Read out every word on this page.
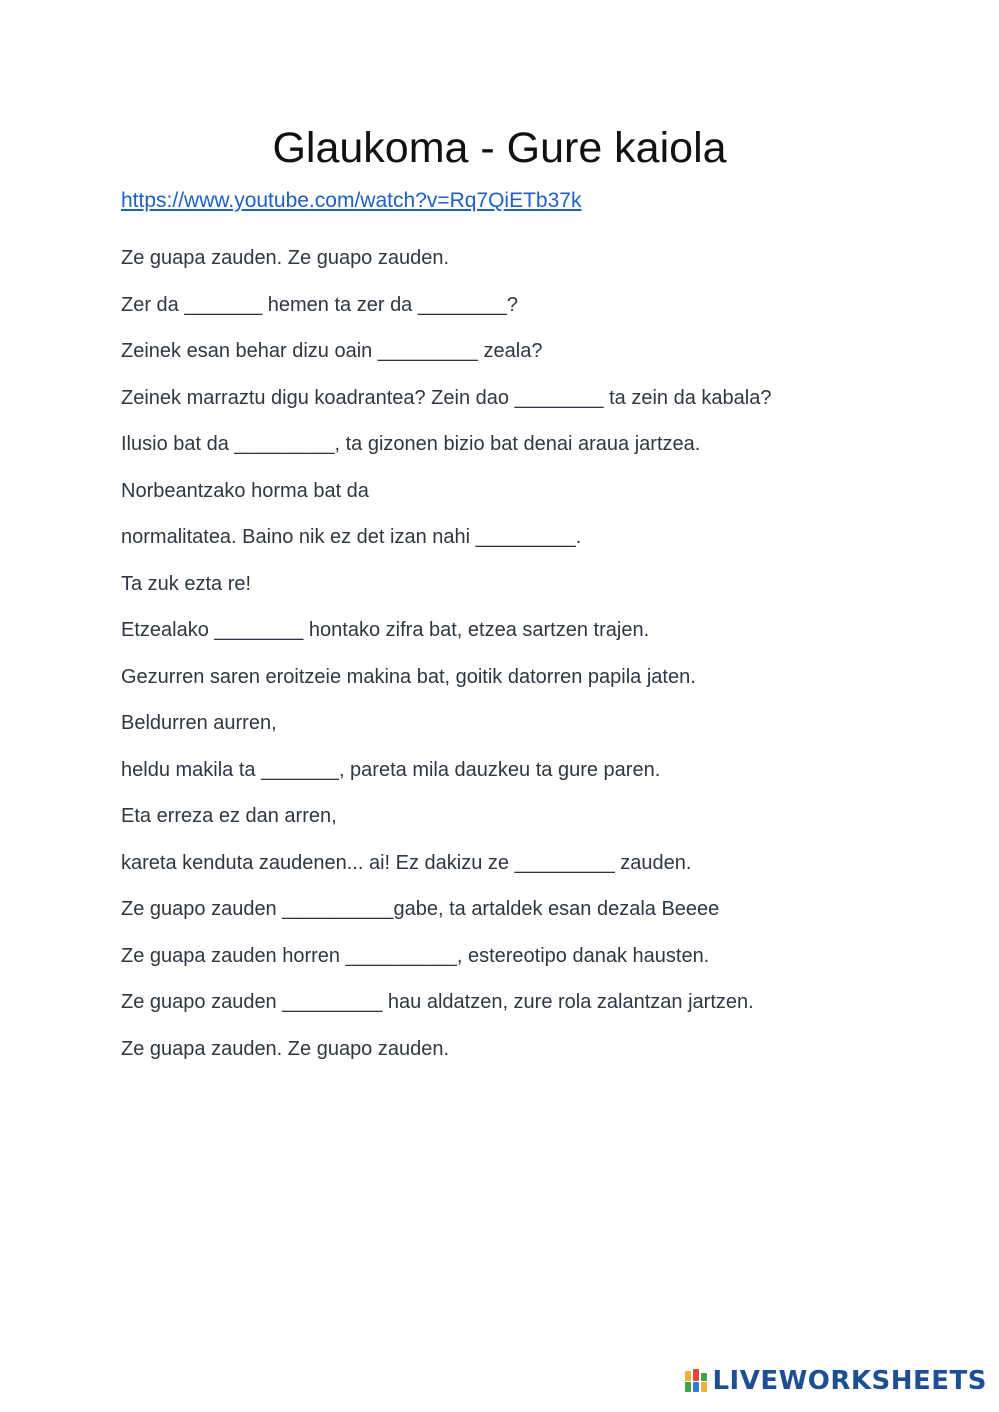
Glaukoma - Gure kaiola
https://www.youtube.com/watch?v=Rq7QiETb37k
Ze guapa zauden. Ze guapo zauden.
Zer da _______ hemen ta zer da ________?
Zeinek esan behar dizu oain _________ zeala?
Zeinek marraztu digu koadrantea? Zein dao ________ ta zein da kabala?
Ilusio bat da _________, ta gizonen bizio bat denai araua jartzea.
Norbeantzako horma bat da
normalitatea. Baino nik ez det izan nahi _________.
Ta zuk ezta re!
Etzealako ________ hontako zifra bat, etzea sartzen trajen.
Gezurren saren eroitzeie makina bat, goitik datorren papila jaten.
Beldurren aurren,
heldu makila ta _______, pareta mila dauzkeu ta gure paren.
Eta erreza ez dan arren,
kareta kenduta zaudenen... ai! Ez dakizu ze _________ zauden.
Ze guapo zauden __________gabe, ta artaldek esan dezala Beeee
Ze guapa zauden horren __________, estereotipo danak hausten.
Ze guapo zauden _________ hau aldatzen, zure rola zalantzan jartzen.
Ze guapa zauden. Ze guapo zauden.
LIVEWORKSHEETS
